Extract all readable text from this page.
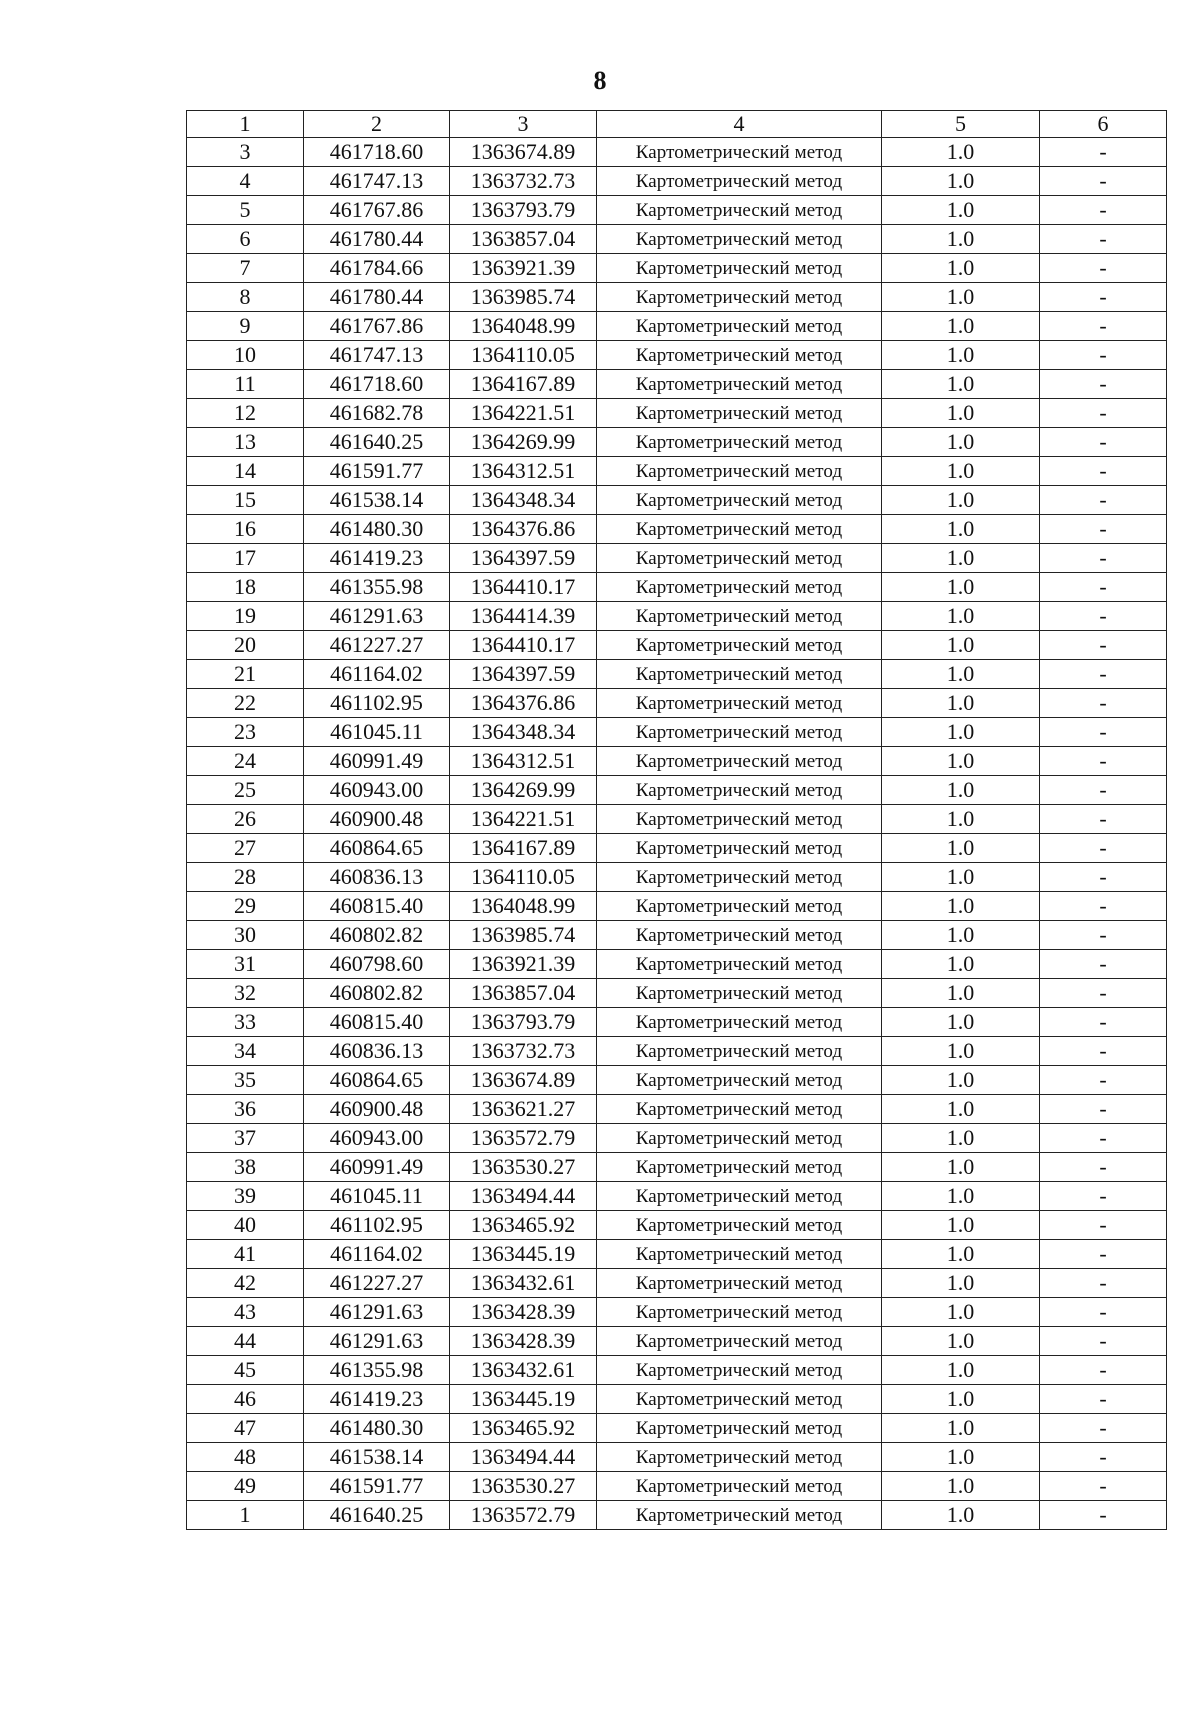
8
1	2	3	4	5	6
3	461718.60	1363674.89	Картометрический метод	1.0	-
4	461747.13	1363732.73	Картометрический метод	1.0	-
5	461767.86	1363793.79	Картометрический метод	1.0	-
6	461780.44	1363857.04	Картометрический метод	1.0	-
7	461784.66	1363921.39	Картометрический метод	1.0	-
8	461780.44	1363985.74	Картометрический метод	1.0	-
9	461767.86	1364048.99	Картометрический метод	1.0	-
10	461747.13	1364110.05	Картометрический метод	1.0	-
11	461718.60	1364167.89	Картометрический метод	1.0	-
12	461682.78	1364221.51	Картометрический метод	1.0	-
13	461640.25	1364269.99	Картометрический метод	1.0	-
14	461591.77	1364312.51	Картометрический метод	1.0	-
15	461538.14	1364348.34	Картометрический метод	1.0	-
16	461480.30	1364376.86	Картометрический метод	1.0	-
17	461419.23	1364397.59	Картометрический метод	1.0	-
18	461355.98	1364410.17	Картометрический метод	1.0	-
19	461291.63	1364414.39	Картометрический метод	1.0	-
20	461227.27	1364410.17	Картометрический метод	1.0	-
21	461164.02	1364397.59	Картометрический метод	1.0	-
22	461102.95	1364376.86	Картометрический метод	1.0	-
23	461045.11	1364348.34	Картометрический метод	1.0	-
24	460991.49	1364312.51	Картометрический метод	1.0	-
25	460943.00	1364269.99	Картометрический метод	1.0	-
26	460900.48	1364221.51	Картометрический метод	1.0	-
27	460864.65	1364167.89	Картометрический метод	1.0	-
28	460836.13	1364110.05	Картометрический метод	1.0	-
29	460815.40	1364048.99	Картометрический метод	1.0	-
30	460802.82	1363985.74	Картометрический метод	1.0	-
31	460798.60	1363921.39	Картометрический метод	1.0	-
32	460802.82	1363857.04	Картометрический метод	1.0	-
33	460815.40	1363793.79	Картометрический метод	1.0	-
34	460836.13	1363732.73	Картометрический метод	1.0	-
35	460864.65	1363674.89	Картометрический метод	1.0	-
36	460900.48	1363621.27	Картометрический метод	1.0	-
37	460943.00	1363572.79	Картометрический метод	1.0	-
38	460991.49	1363530.27	Картометрический метод	1.0	-
39	461045.11	1363494.44	Картометрический метод	1.0	-
40	461102.95	1363465.92	Картометрический метод	1.0	-
41	461164.02	1363445.19	Картометрический метод	1.0	-
42	461227.27	1363432.61	Картометрический метод	1.0	-
43	461291.63	1363428.39	Картометрический метод	1.0	-
44	461291.63	1363428.39	Картометрический метод	1.0	-
45	461355.98	1363432.61	Картометрический метод	1.0	-
46	461419.23	1363445.19	Картометрический метод	1.0	-
47	461480.30	1363465.92	Картометрический метод	1.0	-
48	461538.14	1363494.44	Картометрический метод	1.0	-
49	461591.77	1363530.27	Картометрический метод	1.0	-
1	461640.25	1363572.79	Картометрический метод	1.0	-
